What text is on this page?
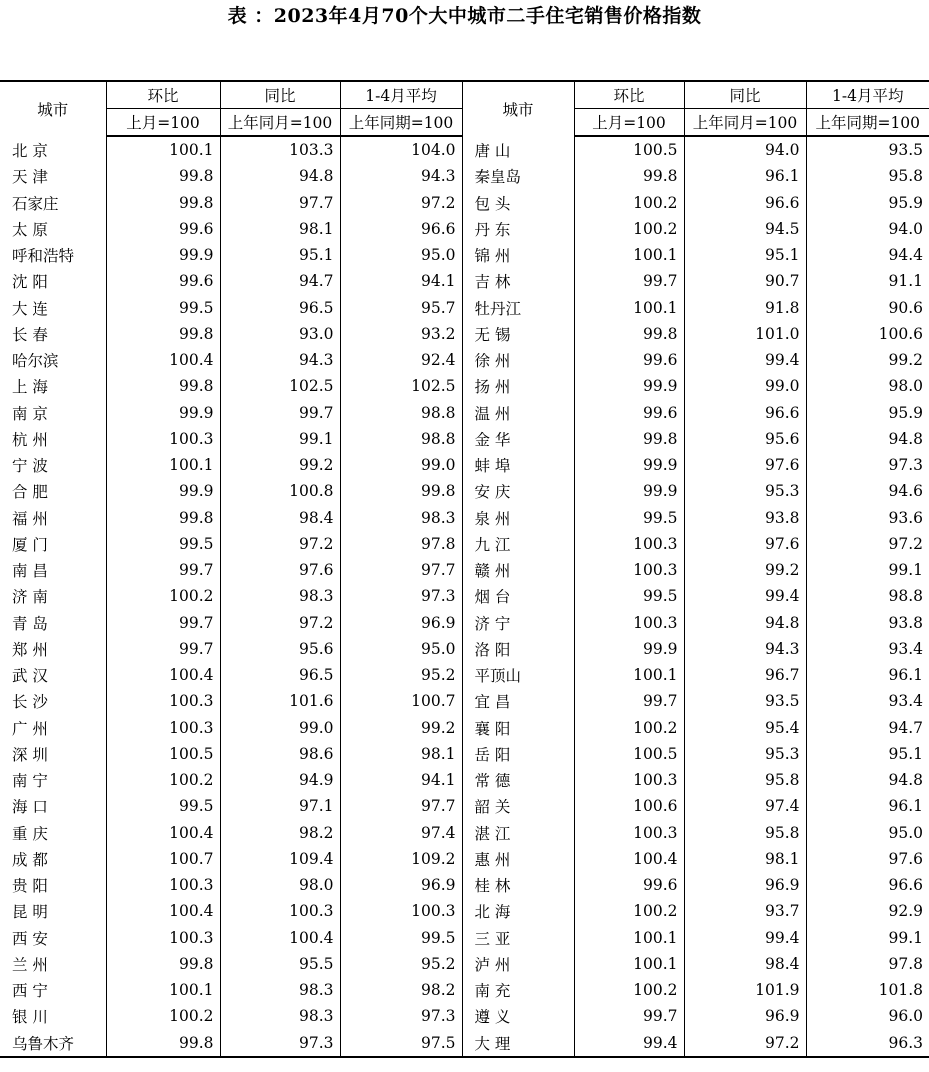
表 ：2023年4月70个大中城市二手住宅销售价格指数
城市	环比	同比	1-4月平均	城市	环比	同比	1-4月平均
	上月=100	上年同月=100	上年同期=100		上月=100	上年同月=100	上年同期=100
北 京	100.1	103.3	104.0	唐 山	100.5	94.0	93.5
天 津	99.8	94.8	94.3	秦皇岛	99.8	96.1	95.8
石家庄	99.8	97.7	97.2	包 头	100.2	96.6	95.9
太 原	99.6	98.1	96.6	丹 东	100.2	94.5	94.0
呼和浩特	99.9	95.1	95.0	锦 州	100.1	95.1	94.4
沈 阳	99.6	94.7	94.1	吉 林	99.7	90.7	91.1
大 连	99.5	96.5	95.7	牡丹江	100.1	91.8	90.6
长 春	99.8	93.0	93.2	无 锡	99.8	101.0	100.6
哈尔滨	100.4	94.3	92.4	徐 州	99.6	99.4	99.2
上 海	99.8	102.5	102.5	扬 州	99.9	99.0	98.0
南 京	99.9	99.7	98.8	温 州	99.6	96.6	95.9
杭 州	100.3	99.1	98.8	金 华	99.8	95.6	94.8
宁 波	100.1	99.2	99.0	蚌 埠	99.9	97.6	97.3
合 肥	99.9	100.8	99.8	安 庆	99.9	95.3	94.6
福 州	99.8	98.4	98.3	泉 州	99.5	93.8	93.6
厦 门	99.5	97.2	97.8	九 江	100.3	97.6	97.2
南 昌	99.7	97.6	97.7	赣 州	100.3	99.2	99.1
济 南	100.2	98.3	97.3	烟 台	99.5	99.4	98.8
青 岛	99.7	97.2	96.9	济 宁	100.3	94.8	93.8
郑 州	99.7	95.6	95.0	洛 阳	99.9	94.3	93.4
武 汉	100.4	96.5	95.2	平顶山	100.1	96.7	96.1
长 沙	100.3	101.6	100.7	宜 昌	99.7	93.5	93.4
广 州	100.3	99.0	99.2	襄 阳	100.2	95.4	94.7
深 圳	100.5	98.6	98.1	岳 阳	100.5	95.3	95.1
南 宁	100.2	94.9	94.1	常 德	100.3	95.8	94.8
海 口	99.5	97.1	97.7	韶 关	100.6	97.4	96.1
重 庆	100.4	98.2	97.4	湛 江	100.3	95.8	95.0
成 都	100.7	109.4	109.2	惠 州	100.4	98.1	97.6
贵 阳	100.3	98.0	96.9	桂 林	99.6	96.9	96.6
昆 明	100.4	100.3	100.3	北 海	100.2	93.7	92.9
西 安	100.3	100.4	99.5	三 亚	100.1	99.4	99.1
兰 州	99.8	95.5	95.2	泸 州	100.1	98.4	97.8
西 宁	100.1	98.3	98.2	南 充	100.2	101.9	101.8
银 川	100.2	98.3	97.3	遵 义	99.7	96.9	96.0
乌鲁木齐	99.8	97.3	97.5	大 理	99.4	97.2	96.3
